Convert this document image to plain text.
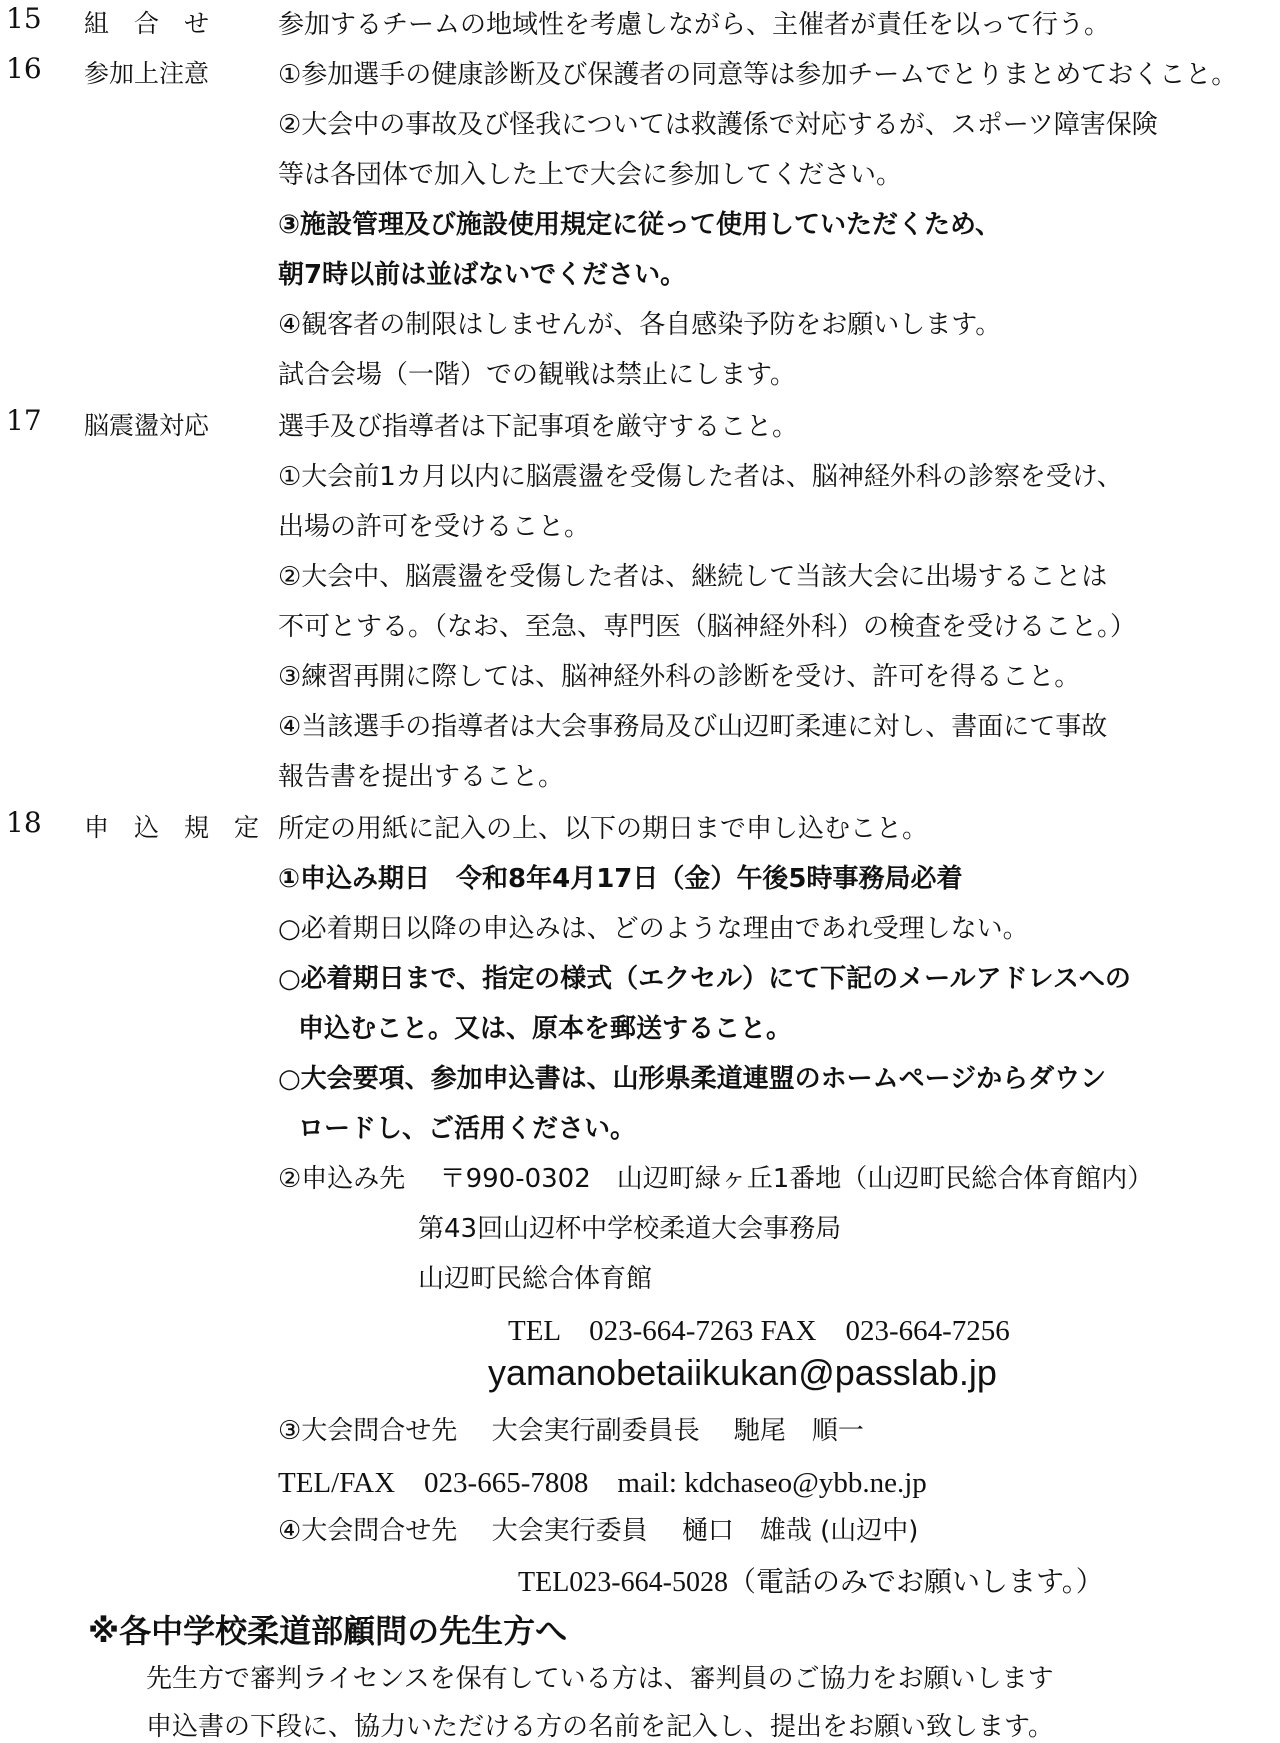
15 組　合　せ	参加するチームの地域性を考慮しながら、主催者が責任を以って行う。
16 参加上注意	①参加選手の健康診断及び保護者の同意等は参加チームでとりまとめておくこと。
②大会中の事故及び怪我については救護係で対応するが、スポーツ障害保険
等は各団体で加入した上で大会に参加してください。
③施設管理及び施設使用規定に従って使用していただくため、
朝7時以前は並ばないでください。
④観客者の制限はしませんが、各自感染予防をお願いします。
試合会場（一階）での観戦は禁止にします。
17 脳震盪対応	選手及び指導者は下記事項を厳守すること。
①大会前1カ月以内に脳震盪を受傷した者は、脳神経外科の診察を受け、
出場の許可を受けること。
②大会中、脳震盪を受傷した者は、継続して当該大会に出場することは
不可とする。（なお、至急、専門医（脳神経外科）の検査を受けること。）
③練習再開に際しては、脳神経外科の診断を受け、許可を得ること。
④当該選手の指導者は大会事務局及び山辺町柔連に対し、書面にて事故
報告書を提出すること。
18 申　込　規　定 所定の用紙に記入の上、以下の期日まで申し込むこと。
①申込み期日　令和8年4月17日（金）午後5時事務局必着
○必着期日以降の申込みは、どのような理由であれ受理しない。
○必着期日まで、指定の様式（エクセル）にて下記のメールアドレスへの
申込むこと。又は、原本を郵送すること。
○大会要項、参加申込書は、山形県柔道連盟のホームページからダウン
ロードし、ご活用ください。
②申込み先　 〒990-0302　山辺町緑ヶ丘1番地（山辺町民総合体育館内）
第43回山辺杯中学校柔道大会事務局
山辺町民総合体育館
TEL　023-664-7263 FAX　023-664-7256
yamanobetaiikukan@passlab.jp
③大会問合せ先　 大会実行副委員長　 馳尾　順一
TEL/FAX　023-665-7808　mail: kdchaseo@ybb.ne.jp
④大会問合せ先　 大会実行委員　 樋口　雄哉 (山辺中)
TEL023-664-5028（電話のみでお願いします。）
※各中学校柔道部顧問の先生方へ
先生方で審判ライセンスを保有している方は、審判員のご協力をお願いします
申込書の下段に、協力いただける方の名前を記入し、提出をお願い致します。
